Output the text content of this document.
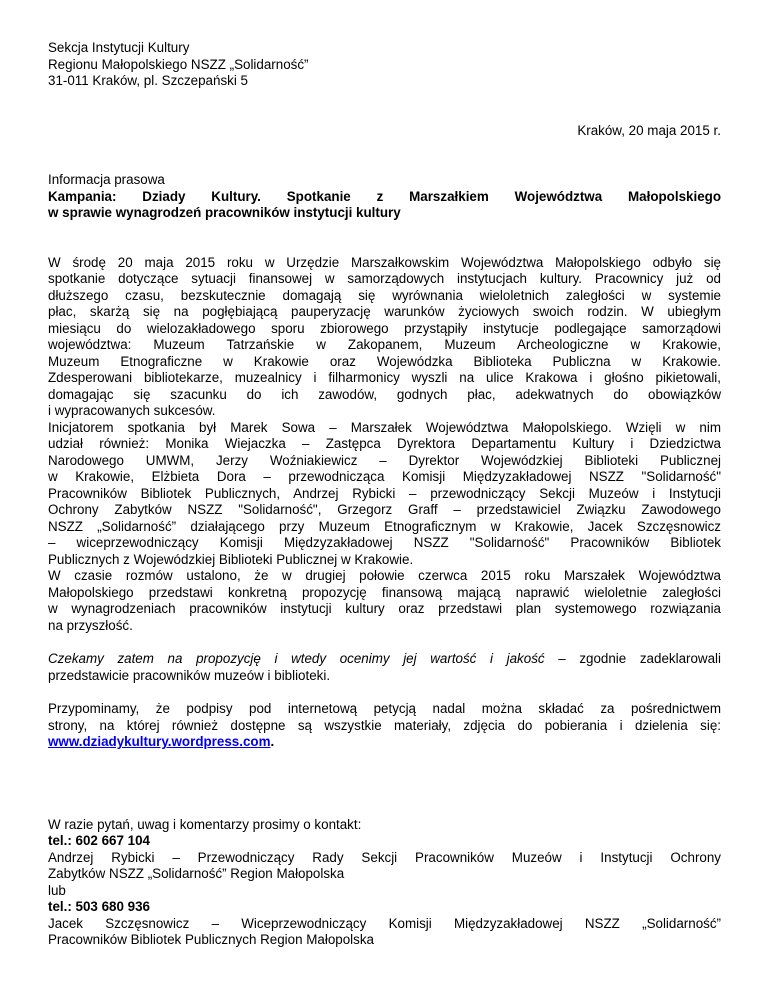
Sekcja Instytucji Kultury
Regionu Małopolskiego NSZZ „Solidarność”
31-011 Kraków, pl. Szczepański 5
Kraków, 20 maja 2015 r.
Informacja prasowa
Kampania: Dziady Kultury. Spotkanie z Marszałkiem Województwa Małopolskiego
w sprawie wynagrodzeń pracowników instytucji kultury
W środę 20 maja 2015 roku w Urzędzie Marszałkowskim Województwa Małopolskiego odbyło się
spotkanie dotyczące sytuacji finansowej w samorządowych instytucjach kultury. Pracownicy już od
dłuższego czasu, bezskutecznie domagają się wyrównania wieloletnich zaległości w systemie
płac, skarżą się na pogłębiającą pauperyzację warunków życiowych swoich rodzin. W ubiegłym
miesiącu do wielozakładowego sporu zbiorowego przystąpiły instytucje podlegające samorządowi
województwa: Muzeum Tatrzańskie w Zakopanem, Muzeum Archeologiczne w Krakowie,
Muzeum Etnograficzne w Krakowie oraz Wojewódzka Biblioteka Publiczna w Krakowie.
Zdesperowani bibliotekarze, muzealnicy i filharmonicy wyszli na ulice Krakowa i głośno pikietowali,
domagając się szacunku do ich zawodów, godnych płac, adekwatnych do obowiązków
i wypracowanych sukcesów.
Inicjatorem spotkania był Marek Sowa – Marszałek Województwa Małopolskiego. Wzięli w nim
udział również: Monika Wiejaczka – Zastępca Dyrektora Departamentu Kultury i Dziedzictwa
Narodowego UMWM, Jerzy Woźniakiewicz – Dyrektor Wojewódzkiej Biblioteki Publicznej
w Krakowie, Elżbieta Dora – przewodnicząca Komisji Międzyzakładowej NSZZ "Solidarność"
Pracowników Bibliotek Publicznych, Andrzej Rybicki – przewodniczący Sekcji Muzeów i Instytucji
Ochrony Zabytków NSZZ "Solidarność", Grzegorz Graff – przedstawiciel Związku Zawodowego
NSZZ „Solidarność” działającego przy Muzeum Etnograficznym w Krakowie, Jacek Szczęsnowicz
– wiceprzewodniczący Komisji Międzyzakładowej NSZZ "Solidarność" Pracowników Bibliotek
Publicznych z Wojewódzkiej Biblioteki Publicznej w Krakowie.
W czasie rozmów ustalono, że w drugiej połowie czerwca 2015 roku Marszałek Województwa
Małopolskiego przedstawi konkretną propozycję finansową mającą naprawić wieloletnie zaległości
w wynagrodzeniach pracowników instytucji kultury oraz przedstawi plan systemowego rozwiązania
na przyszłość.
Czekamy zatem na propozycję i wtedy ocenimy jej wartość i jakość – zgodnie zadeklarowali
przedstawicie pracowników muzeów i biblioteki.
Przypominamy, że podpisy pod internetową petycją nadal można składać za pośrednictwem
strony, na której również dostępne są wszystkie materiały, zdjęcia do pobierania i dzielenia się:
www.dziadykultury.wordpress.com.
W razie pytań, uwag i komentarzy prosimy o kontakt:
tel.: 602 667 104
Andrzej Rybicki – Przewodniczący Rady Sekcji Pracowników Muzeów i Instytucji Ochrony
Zabytków NSZZ „Solidarność” Region Małopolska
lub
tel.: 503 680 936
Jacek Szczęsnowicz – Wiceprzewodniczący Komisji Międzyzakładowej NSZZ „Solidarność”
Pracowników Bibliotek Publicznych Region Małopolska
